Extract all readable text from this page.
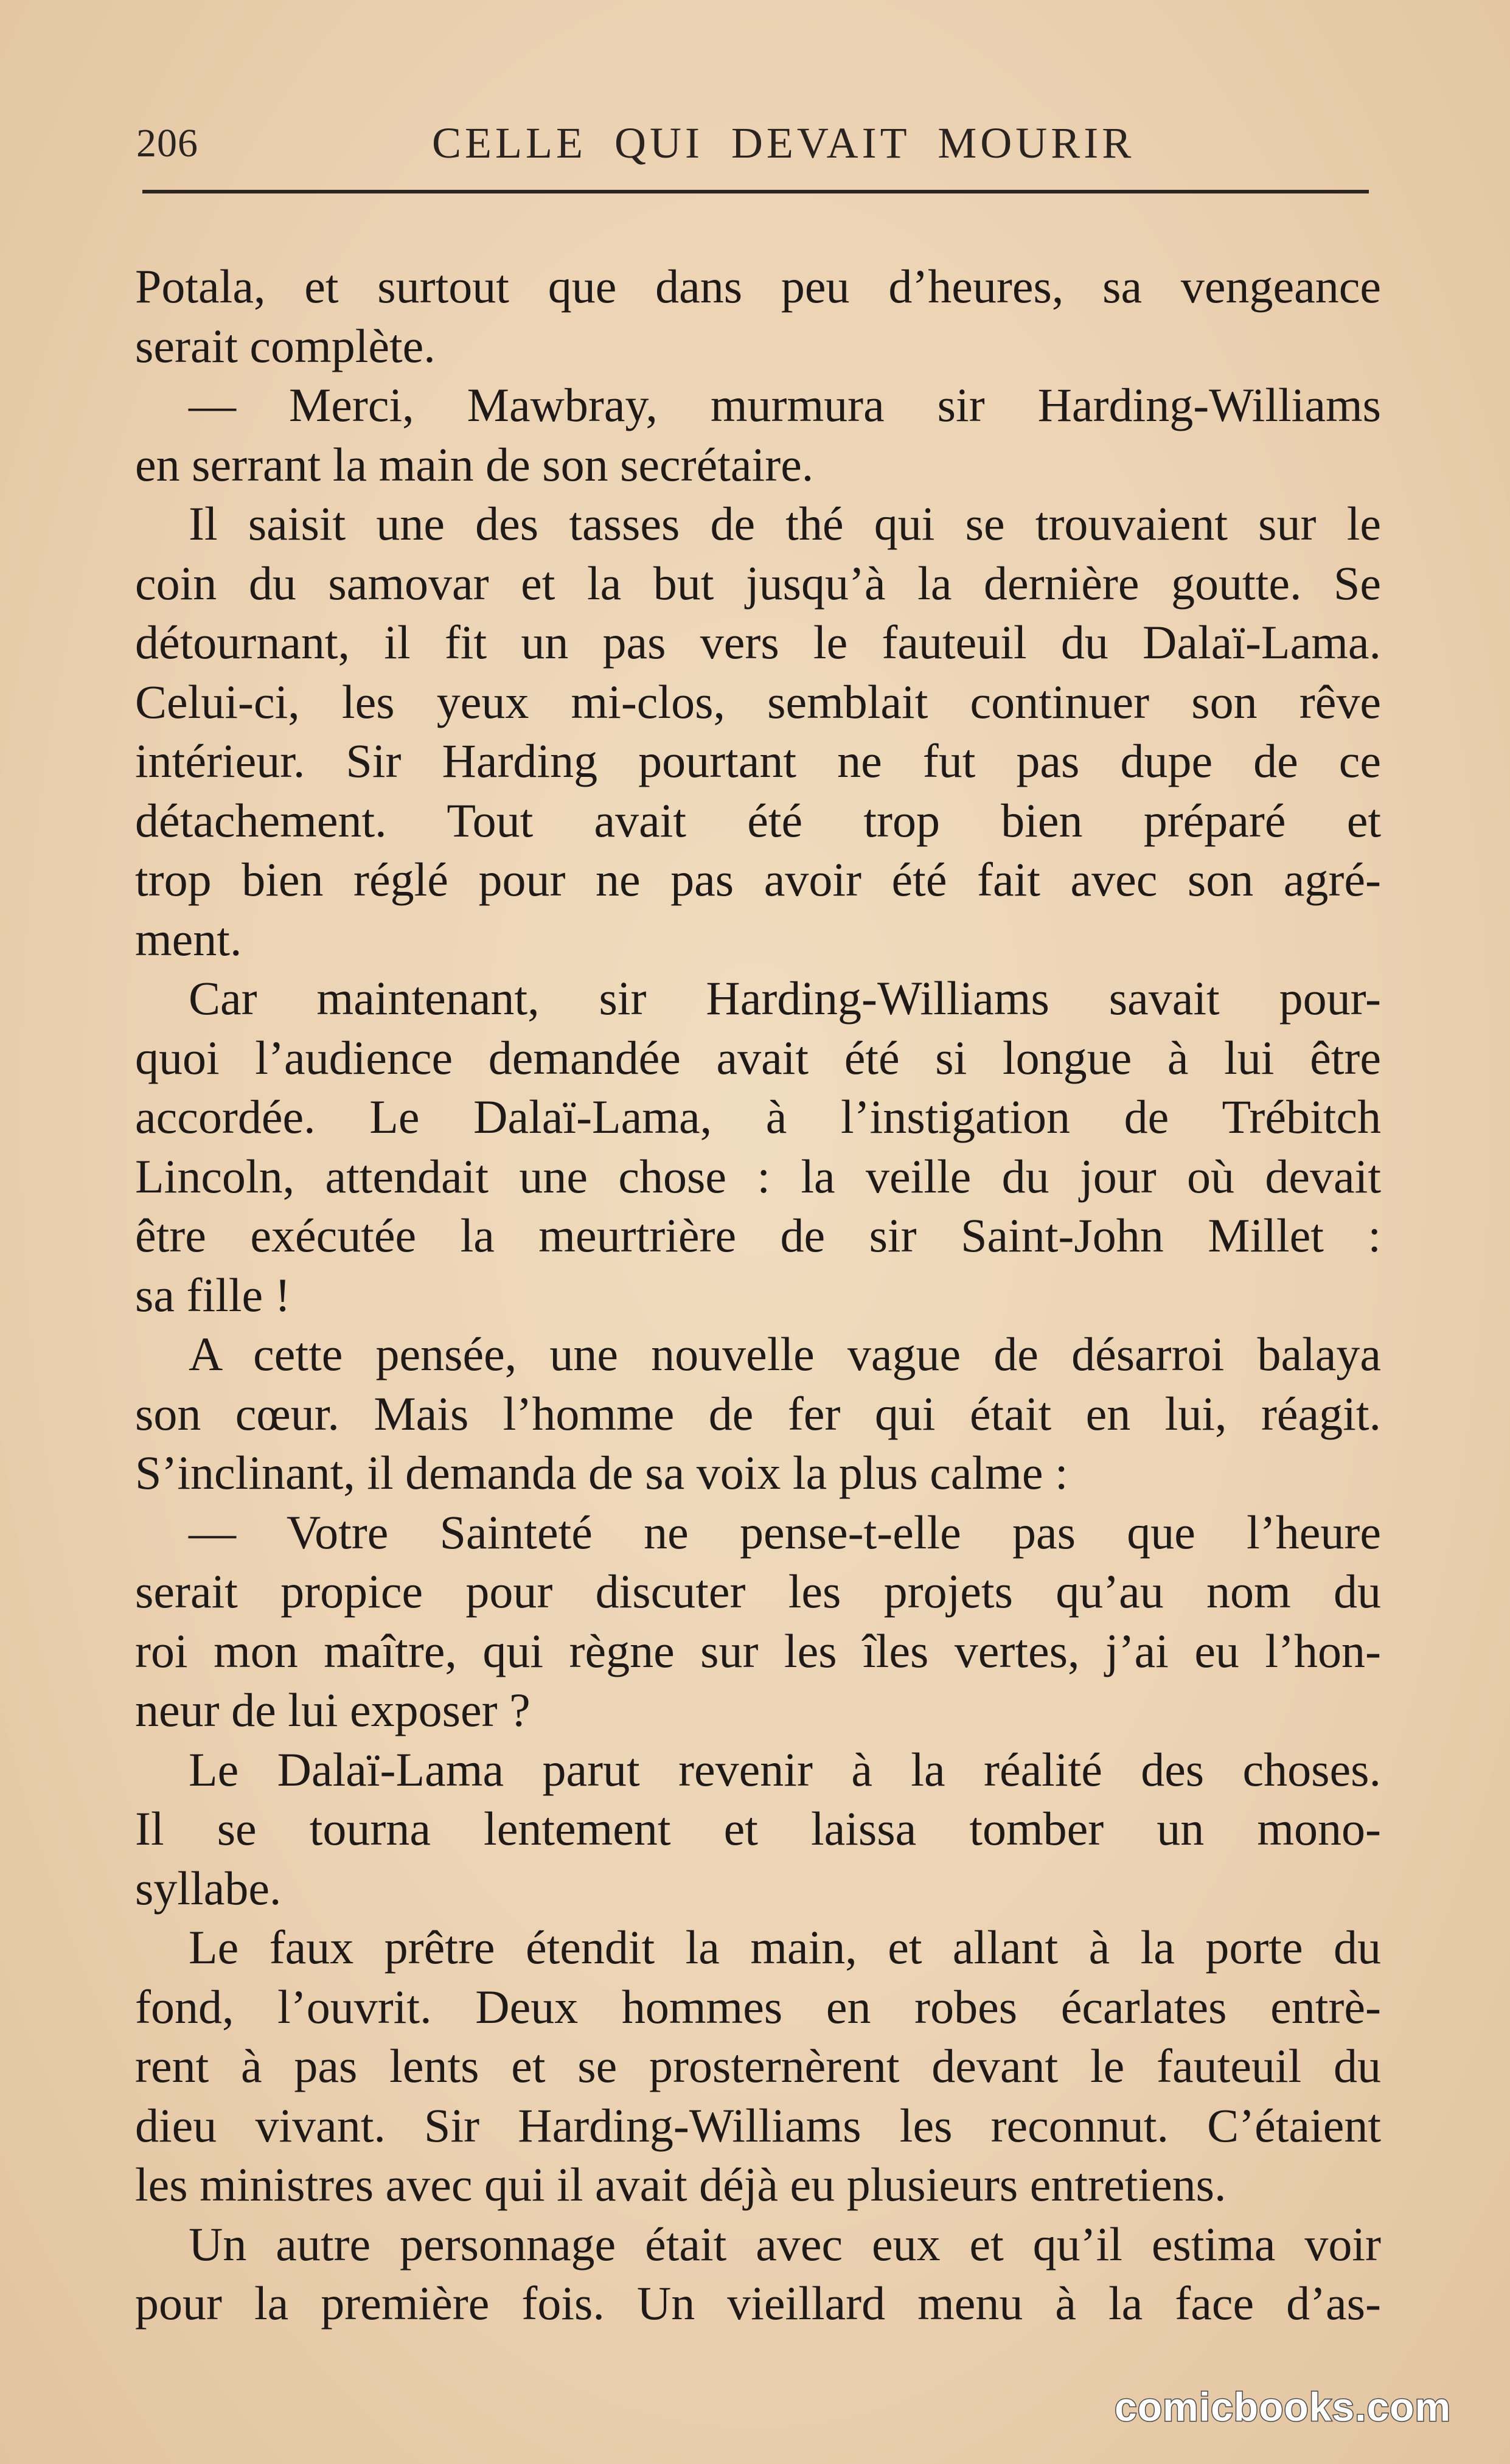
206	CELLE QUI DEVAIT MOURIR
Potala, et surtout que dans peu d’heures, sa vengeance
serait complète.
— Merci, Mawbray, murmura sir Harding-Williams
en serrant la main de son secrétaire.
Il saisit une des tasses de thé qui se trouvaient sur le
coin du samovar et la but jusqu’à la dernière goutte. Se
détournant, il fit un pas vers le fauteuil du Dalaï-Lama.
Celui-ci, les yeux mi-clos, semblait continuer son rêve
intérieur. Sir Harding pourtant ne fut pas dupe de ce
détachement. Tout avait été trop bien préparé et
trop bien réglé pour ne pas avoir été fait avec son agré-
ment.
Car maintenant, sir Harding-Williams savait pour-
quoi l’audience demandée avait été si longue à lui être
accordée. Le Dalaï-Lama, à l’instigation de Trébitch
Lincoln, attendait une chose : la veille du jour où devait
être exécutée la meurtrière de sir Saint-John Millet :
sa fille !
A cette pensée, une nouvelle vague de désarroi balaya
son cœur. Mais l’homme de fer qui était en lui, réagit.
S’inclinant, il demanda de sa voix la plus calme :
— Votre Sainteté ne pense-t-elle pas que l’heure
serait propice pour discuter les projets qu’au nom du
roi mon maître, qui règne sur les îles vertes, j’ai eu l’hon-
neur de lui exposer ?
Le Dalaï-Lama parut revenir à la réalité des choses.
Il se tourna lentement et laissa tomber un mono-
syllabe.
Le faux prêtre étendit la main, et allant à la porte du
fond, l’ouvrit. Deux hommes en robes écarlates entrè-
rent à pas lents et se prosternèrent devant le fauteuil du
dieu vivant. Sir Harding-Williams les reconnut. C’étaient
les ministres avec qui il avait déjà eu plusieurs entretiens.
Un autre personnage était avec eux et qu’il estima voir
pour la première fois. Un vieillard menu à la face d’as-
comicbooks.com
